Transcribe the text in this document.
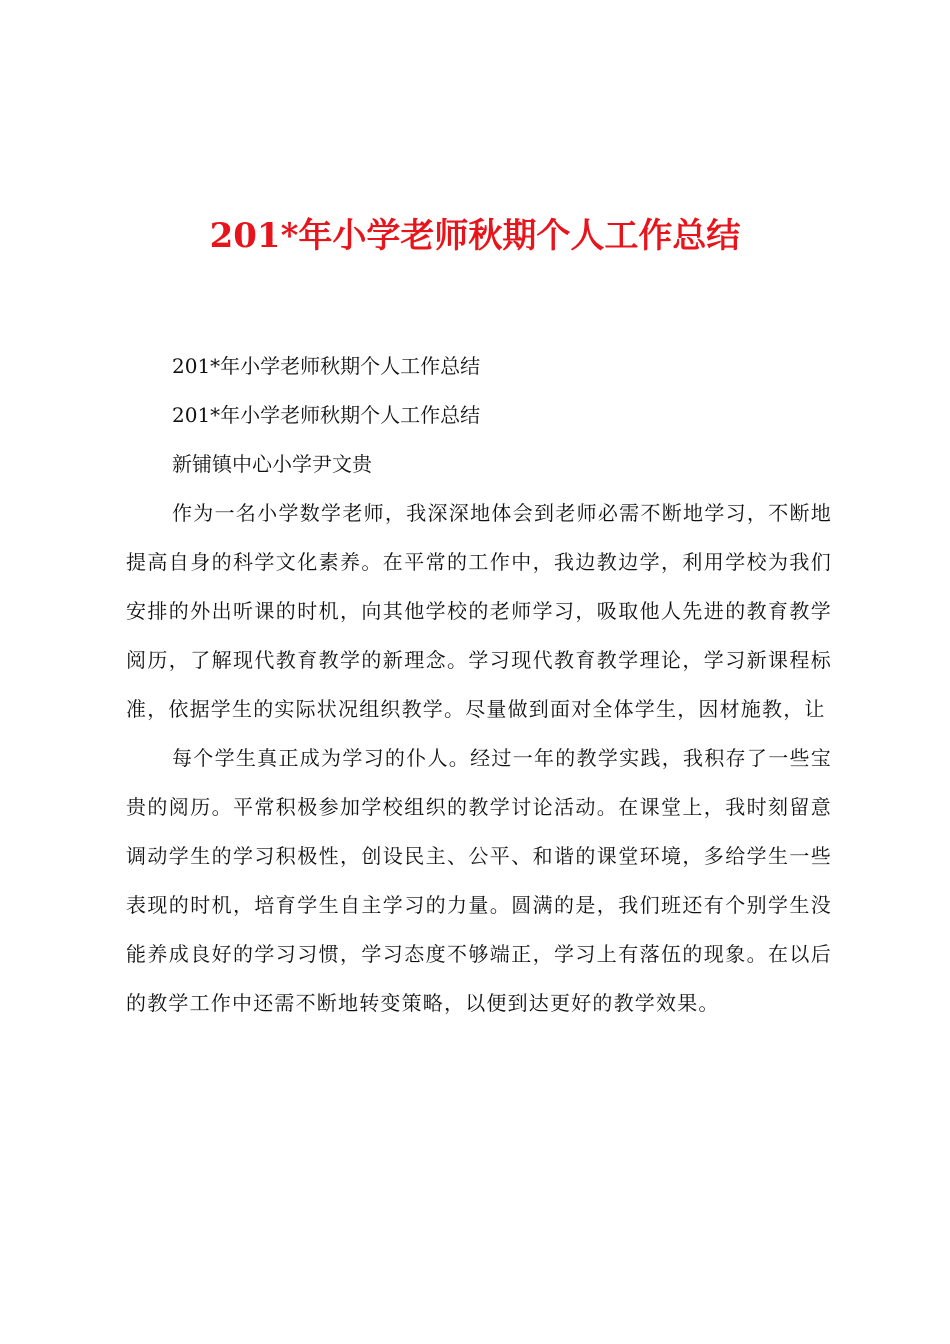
201*年小学老师秋期个人工作总结

201*年小学老师秋期个人工作总结

201*年小学老师秋期个人工作总结

新铺镇中心小学尹文贵

作为一名小学数学老师，我深深地体会到老师必需不断地学习，不断地提高自身的科学文化素养。在平常的工作中，我边教边学，利用学校为我们安排的外出听课的时机，向其他学校的老师学习，吸取他人先进的教育教学阅历，了解现代教育教学的新理念。学习现代教育教学理论，学习新课程标准，依据学生的实际状况组织教学。尽量做到面对全体学生，因材施教，让

每个学生真正成为学习的仆人。经过一年的教学实践，我积存了一些宝贵的阅历。平常积极参加学校组织的教学讨论活动。在课堂上，我时刻留意调动学生的学习积极性，创设民主、公平、和谐的课堂环境，多给学生一些表现的时机，培育学生自主学习的力量。圆满的是，我们班还有个别学生没能养成良好的学习习惯，学习态度不够端正，学习上有落伍的现象。在以后的教学工作中还需不断地转变策略，以便到达更好的教学效果。
